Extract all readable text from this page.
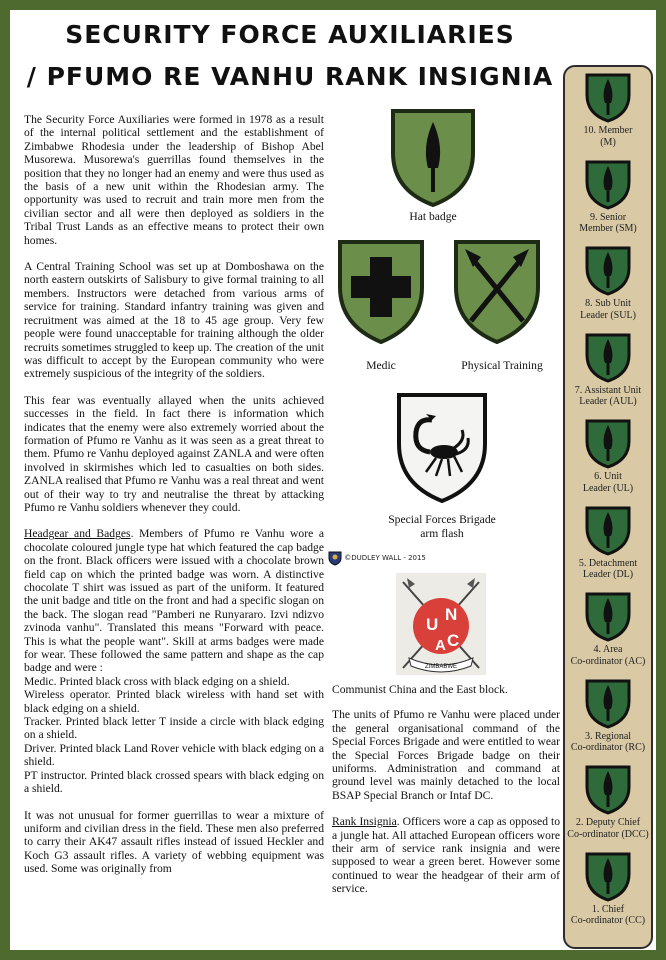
SECURITY FORCE AUXILIARIES
/ PFUMO RE VANHU RANK INSIGNIA

The Security Force Auxiliaries were formed in 1978 as a result of the internal political settlement and the establishment of Zimbabwe Rhodesia under the leadership of Bishop Abel Musorewa. Musorewa's guerrillas found themselves in the position that they no longer had an enemy and were thus used as the basis of a new unit within the Rhodesian army. The opportunity was used to recruit and train more men from the civilian sector and all were then deployed as soldiers in the Tribal Trust Lands as an effective means to protect their own homes.

A Central Training School was set up at Domboshawa on the north eastern outskirts of Salisbury to give formal training to all members. Instructors were detached from various arms of service for training. Standard infantry training was given and recruitment was aimed at the 18 to 45 age group. Very few people were found unacceptable for training although the older recruits sometimes struggled to keep up. The creation of the unit was difficult to accept by the European community who were extremely suspicious of the integrity of the soldiers.

This fear was eventually allayed when the units achieved successes in the field. In fact there is information which indicates that the enemy were also extremely worried about the formation of Pfumo re Vanhu as it was seen as a great threat to them. Pfumo re Vanhu deployed against ZANLA and were often involved in skirmishes which led to casualties on both sides. ZANLA realised that Pfumo re Vanhu was a real threat and went out of their way to try and neutralise the threat by attacking Pfumo re Vanhu soldiers whenever they could.

Headgear and Badges. Members of Pfumo re Vanhu wore a chocolate coloured jungle type hat which featured the cap badge on the front. Black officers were issued with a chocolate brown field cap on which the printed badge was worn. A distinctive chocolate T shirt was issued as part of the uniform. It featured the unit badge and title on the front and had a specific slogan on the back. The slogan read "Pamberi ne Runyararo. Izvi ndizvo zvinoda vanhu". Translated this means "Forward with peace. This is what the people want". Skill at arms badges were made for wear. These followed the same pattern and shape as the cap badge and were :

Medic. Printed black cross with black edging on a shield.
Wireless operator. Printed black wireless with hand set with black edging on a shield.
Tracker. Printed black letter T inside a circle with black edging on a shield.
Driver. Printed black Land Rover vehicle with black edging on a shield.
PT instructor. Printed black crossed spears with black edging on a shield.

It was not unusual for former guerrillas to wear a mixture of uniform and civilian dress in the field. These men also preferred to carry their AK47 assault rifles instead of issued Heckler and Koch G3 assault rifles. A variety of webbing equipment was used. Some was originally from

Hat badge
Medic	Physical Training
Special Forces Brigade
arm flash
©DUDLEY WALL - 2015
U
A
N
C
ZIMBABWE

Communist China and the East block.

The units of Pfumo re Vanhu were placed under the general organisational command of the Special Forces Brigade and were entitled to wear the Special Forces Brigade badge on their uniforms. Administration and command at ground level was mainly detached to the local BSAP Special Branch or Intaf DC.

Rank Insignia. Officers wore a cap as opposed to a jungle hat. All attached European officers wore their arm of service rank insignia and were supposed to wear a green beret. However some continued to wear the headgear of their arm of service.

10. Member
(M)
9. Senior
Member (SM)
8. Sub Unit
Leader (SUL)
7. Assistant Unit
Leader (AUL)
6. Unit
Leader (UL)
5. Detachment
Leader (DL)
4. Area
Co-ordinator (AC)
3. Regional
Co-ordinator (RC)
2. Deputy Chief
Co-ordinator (DCC)
1. Chief
Co-ordinator (CC)
